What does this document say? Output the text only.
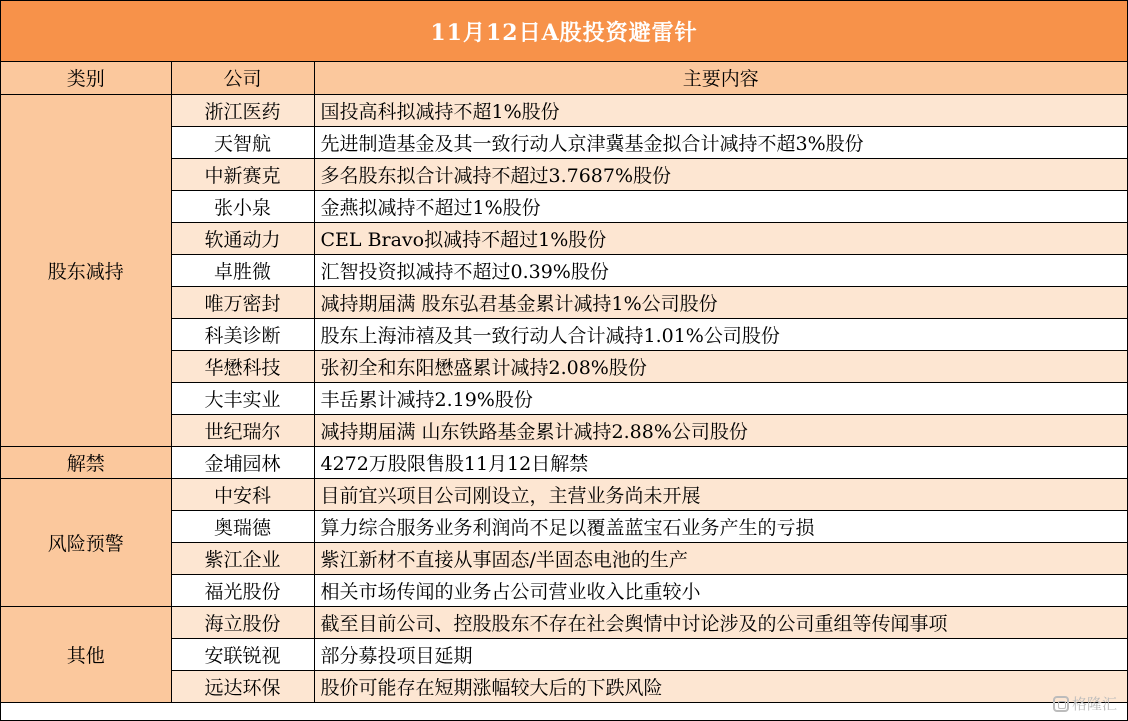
11月12日A股投资避雷针
类别	公司	主要内容
股东减持	浙江医药	国投高科拟减持不超1%股份
	天智航	先进制造基金及其一致行动人京津冀基金拟合计减持不超3%股份
	中新赛克	多名股东拟合计减持不超过3.7687%股份
	张小泉	金燕拟减持不超过1%股份
	软通动力	CEL Bravo拟减持不超过1%股份
	卓胜微	汇智投资拟减持不超过0.39%股份
	唯万密封	减持期届满 股东弘君基金累计减持1%公司股份
	科美诊断	股东上海沛禧及其一致行动人合计减持1.01%公司股份
	华懋科技	张初全和东阳懋盛累计减持2.08%股份
	大丰实业	丰岳累计减持2.19%股份
	世纪瑞尔	减持期届满 山东铁路基金累计减持2.88%公司股份
解禁	金埔园林	4272万股限售股11月12日解禁
风险预警	中安科	目前宜兴项目公司刚设立，主营业务尚未开展
	奥瑞德	算力综合服务业务利润尚不足以覆盖蓝宝石业务产生的亏损
	紫江企业	紫江新材不直接从事固态/半固态电池的生产
	福光股份	相关市场传闻的业务占公司营业收入比重较小
其他	海立股份	截至目前公司、控股股东不存在社会舆情中讨论涉及的公司重组等传闻事项
	安联锐视	部分募投项目延期
	远达环保	股价可能存在短期涨幅较大后的下跌风险
格隆汇
